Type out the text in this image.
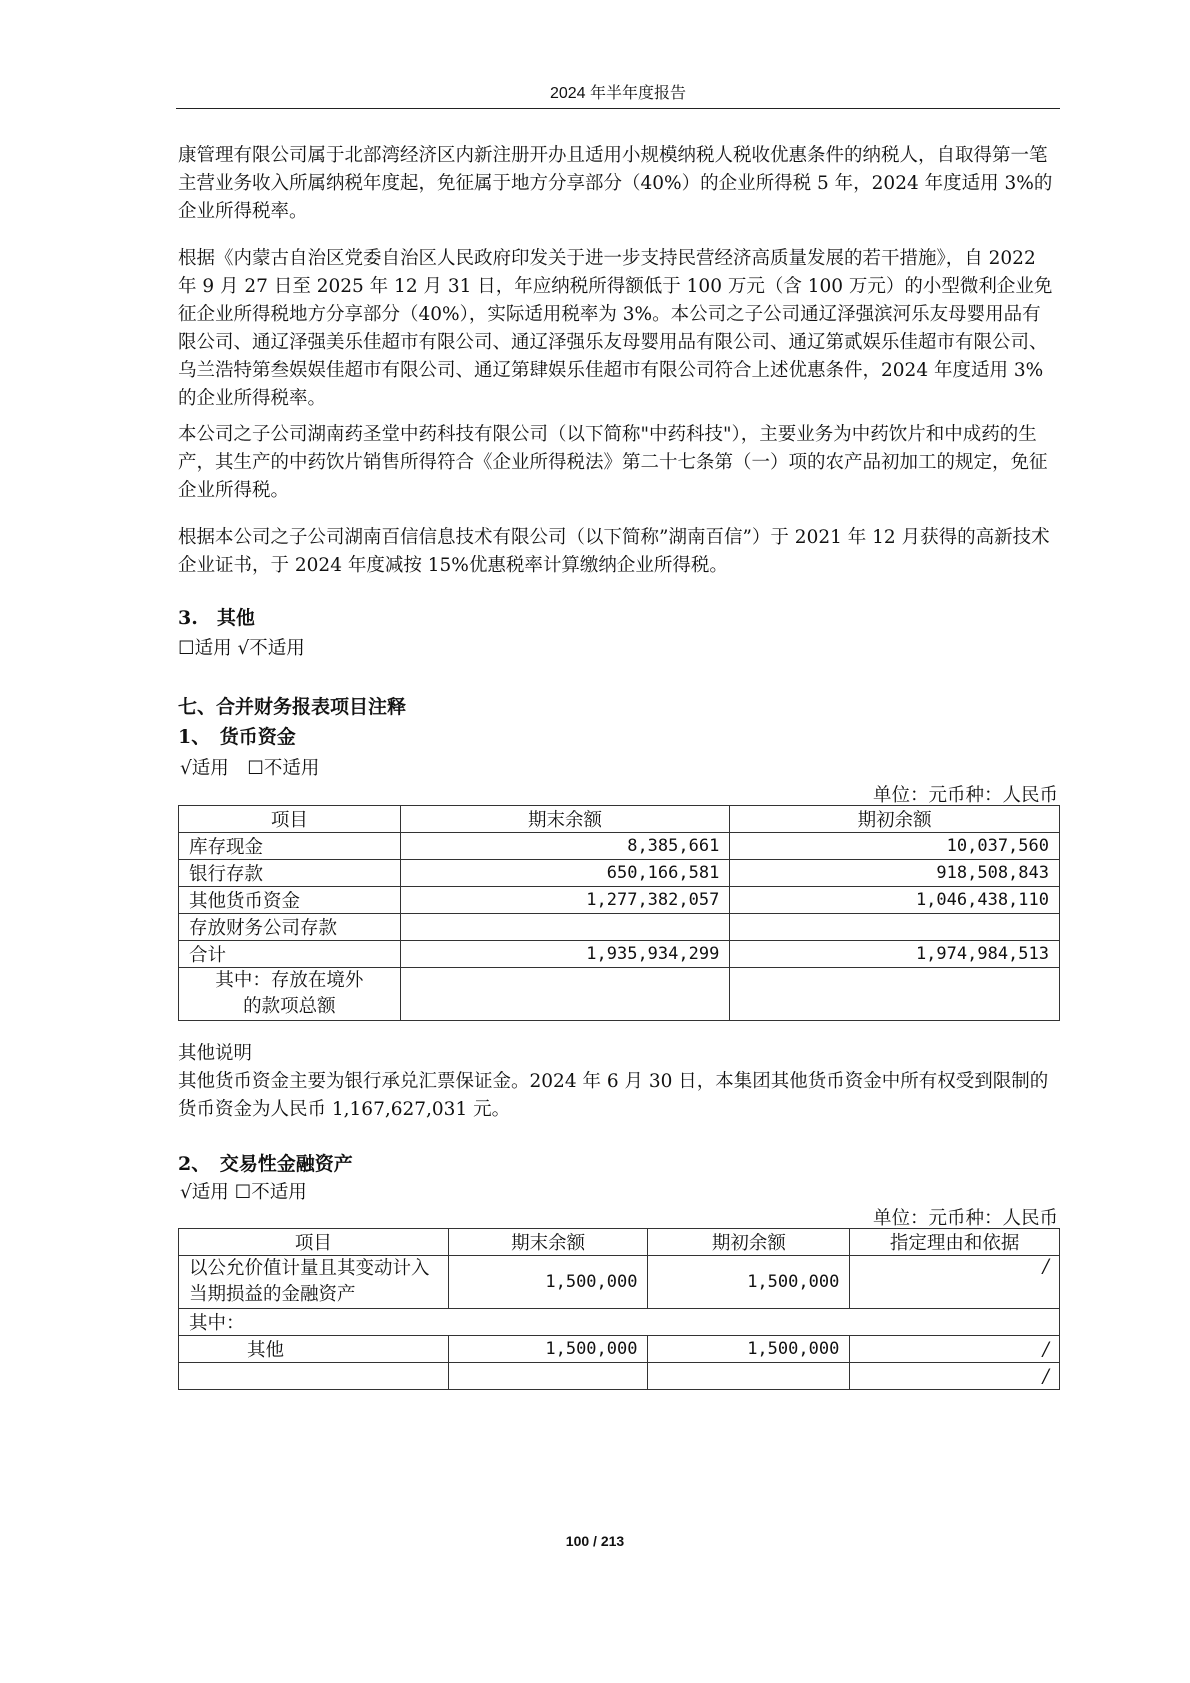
2024 年半年度报告

康管理有限公司属于北部湾经济区内新注册开办且适用小规模纳税人税收优惠条件的纳税人，自取得第一笔主营业务收入所属纳税年度起，免征属于地方分享部分（40%）的企业所得税 5 年，2024 年度适用 3%的企业所得税率。

根据《内蒙古自治区党委自治区人民政府印发关于进一步支持民营经济高质量发展的若干措施》，自 2022 年 9 月 27 日至 2025 年 12 月 31 日，年应纳税所得额低于 100 万元（含 100 万元）的小型微利企业免征企业所得税地方分享部分（40%），实际适用税率为 3%。本公司之子公司通辽泽强滨河乐友母婴用品有限公司、通辽泽强美乐佳超市有限公司、通辽泽强乐友母婴用品有限公司、通辽第贰娱乐佳超市有限公司、乌兰浩特第叁娱娱佳超市有限公司、通辽第肆娱乐佳超市有限公司符合上述优惠条件，2024 年度适用 3%的企业所得税率。

本公司之子公司湖南药圣堂中药科技有限公司（以下简称"中药科技"），主要业务为中药饮片和中成药的生产，其生产的中药饮片销售所得符合《企业所得税法》第二十七条第（一）项的农产品初加工的规定，免征企业所得税。

根据本公司之子公司湖南百信信息技术有限公司（以下简称”湖南百信”）于 2021 年 12 月获得的高新技术企业证书，于 2024 年度减按 15%优惠税率计算缴纳企业所得税。

3.　其他
☐适用 √不适用
七、合并财务报表项目注释
1、　货币资金
√适用　☐不适用
单位：元币种：人民币
项目	期末余额	期初余额
库存现金	8,385,661	10,037,560
银行存款	650,166,581	918,508,843
其他货币资金	1,277,382,057	1,046,438,110
存放财务公司存款		
合计	1,935,934,299	1,974,984,513
其中：存放在境外
的款项总额		
其他说明

其他货币资金主要为银行承兑汇票保证金。2024 年 6 月 30 日，本集团其他货币资金中所有权受到限制的货币资金为人民币 1,167,627,031 元。

2、　交易性金融资产
√适用 ☐不适用
单位：元币种：人民币
项目	期末余额	期初余额	指定理由和依据
以公允价值计量且其变动计入当期损益的金融资产	1,500,000	1,500,000	/
其中：			
其他	1,500,000	1,500,000	/
			/
100 / 213
